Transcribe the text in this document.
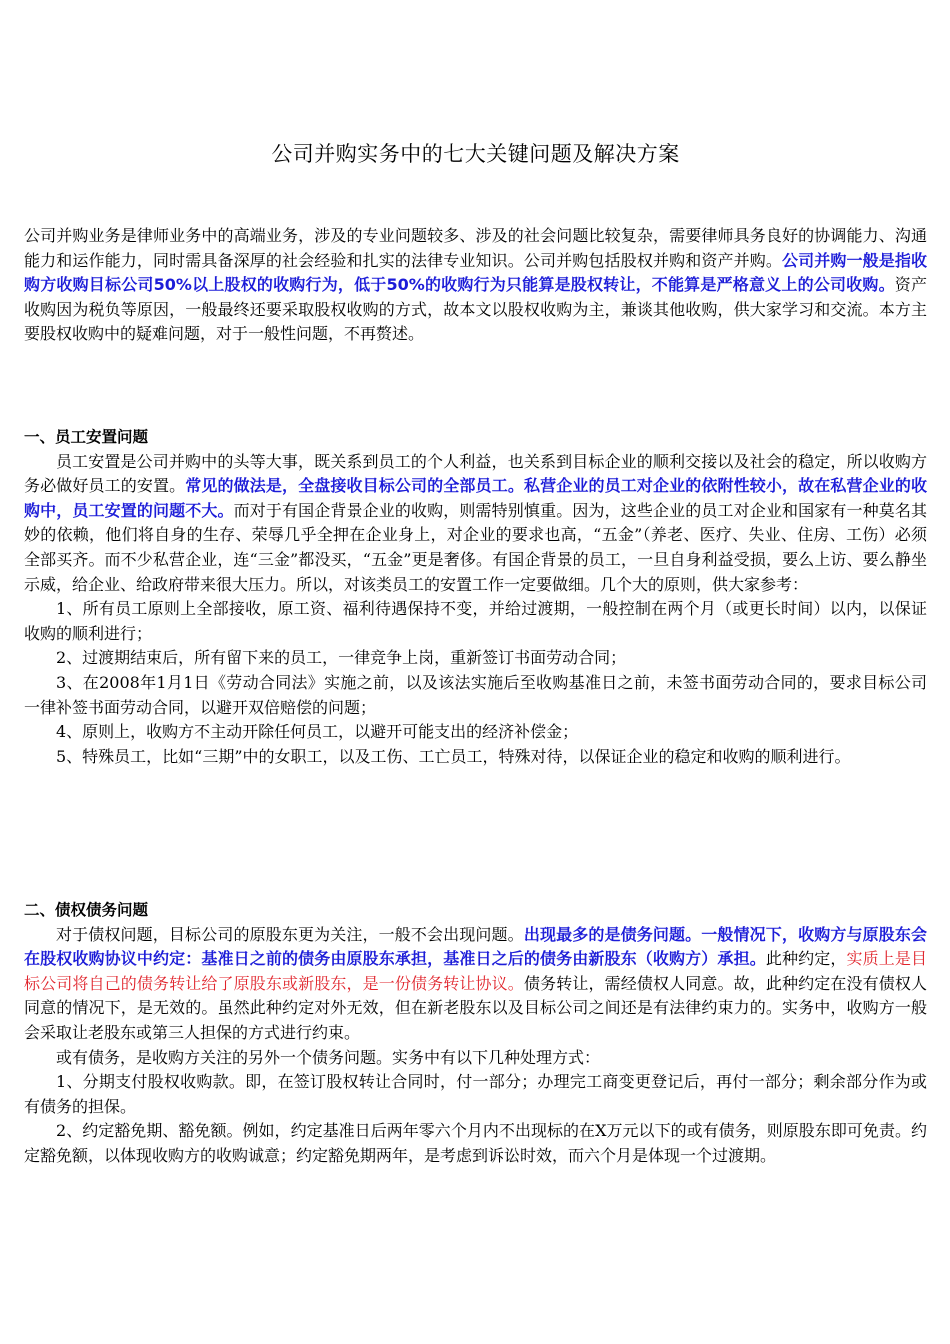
公司并购实务中的七大关键问题及解决方案

公司并购业务是律师业务中的高端业务，涉及的专业问题较多、涉及的社会问题比较复杂，需要律师具务良好的协调能力、沟通能力和运作能力，同时需具备深厚的社会经验和扎实的法律专业知识。公司并购包括股权并购和资产并购。公司并购一般是指收购方收购目标公司50%以上股权的收购行为，低于50%的收购行为只能算是股权转让，不能算是严格意义上的公司收购。资产收购因为税负等原因，一般最终还要采取股权收购的方式，故本文以股权收购为主，兼谈其他收购，供大家学习和交流。本方主要股权收购中的疑难问题，对于一般性问题，不再赘述。

一、员工安置问题

员工安置是公司并购中的头等大事，既关系到员工的个人利益，也关系到目标企业的顺利交接以及社会的稳定，所以收购方务必做好员工的安置。常见的做法是，全盘接收目标公司的全部员工。私营企业的员工对企业的依附性较小，故在私营企业的收购中，员工安置的问题不大。而对于有国企背景企业的收购，则需特别慎重。因为，这些企业的员工对企业和国家有一种莫名其妙的依赖，他们将自身的生存、荣辱几乎全押在企业身上，对企业的要求也高，“五金”（养老、医疗、失业、住房、工伤）必须全部买齐。而不少私营企业，连“三金”都没买，“五金”更是奢侈。有国企背景的员工，一旦自身利益受损，要么上访、要么静坐示威，给企业、给政府带来很大压力。所以，对该类员工的安置工作一定要做细。几个大的原则，供大家参考：

1、所有员工原则上全部接收，原工资、福利待遇保持不变，并给过渡期，一般控制在两个月（或更长时间）以内，以保证收购的顺利进行；

2、过渡期结束后，所有留下来的员工，一律竞争上岗，重新签订书面劳动合同；

3、在2008年1月1日《劳动合同法》实施之前，以及该法实施后至收购基准日之前，未签书面劳动合同的，要求目标公司一律补签书面劳动合同，以避开双倍赔偿的问题；

4、原则上，收购方不主动开除任何员工，以避开可能支出的经济补偿金；

5、特殊员工，比如“三期”中的女职工，以及工伤、工亡员工，特殊对待，以保证企业的稳定和收购的顺利进行。

二、债权债务问题

对于债权问题，目标公司的原股东更为关注，一般不会出现问题。出现最多的是债务问题。一般情况下，收购方与原股东会在股权收购协议中约定：基准日之前的债务由原股东承担，基准日之后的债务由新股东（收购方）承担。此种约定，实质上是目标公司将自己的债务转让给了原股东或新股东，是一份债务转让协议。债务转让，需经债权人同意。故，此种约定在没有债权人同意的情况下，是无效的。虽然此种约定对外无效，但在新老股东以及目标公司之间还是有法律约束力的。实务中，收购方一般会采取让老股东或第三人担保的方式进行约束。

或有债务，是收购方关注的另外一个债务问题。实务中有以下几种处理方式：

1、分期支付股权收购款。即，在签订股权转让合同时，付一部分；办理完工商变更登记后，再付一部分；剩余部分作为或有债务的担保。

2、约定豁免期、豁免额。例如，约定基准日后两年零六个月内不出现标的在X万元以下的或有债务，则原股东即可免责。约定豁免额，以体现收购方的收购诚意；约定豁免期两年，是考虑到诉讼时效，而六个月是体现一个过渡期。
